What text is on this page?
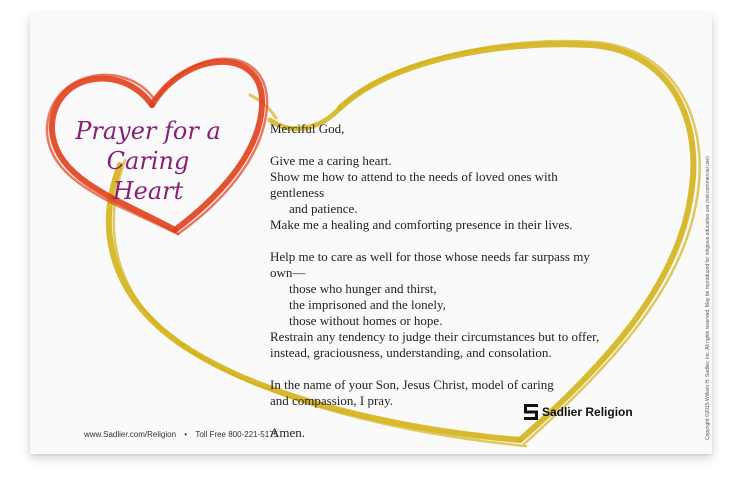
Prayer for a
Caring
Heart

Merciful God,

Give me a caring heart.

Show me how to attend to the needs of loved ones with gentleness

and patience.

Make me a healing and comforting presence in their lives.

Help me to care as well for those whose needs far surpass my own—

those who hunger and thirst,

the imprisoned and the lonely,

those without homes or hope.

Restrain any tendency to judge their circumstances but to offer,

instead, graciousness, understanding, and consolation.

In the name of your Son, Jesus Christ, model of caring

and compassion, I pray.

Amen.

www.Sadlier.com/Religion • Toll Free 800-221-5175
Sadlier Religion	Copyright ©2015 William H. Sadlier, Inc. All rights reserved. May be reproduced for religious education use (not commercial use)
